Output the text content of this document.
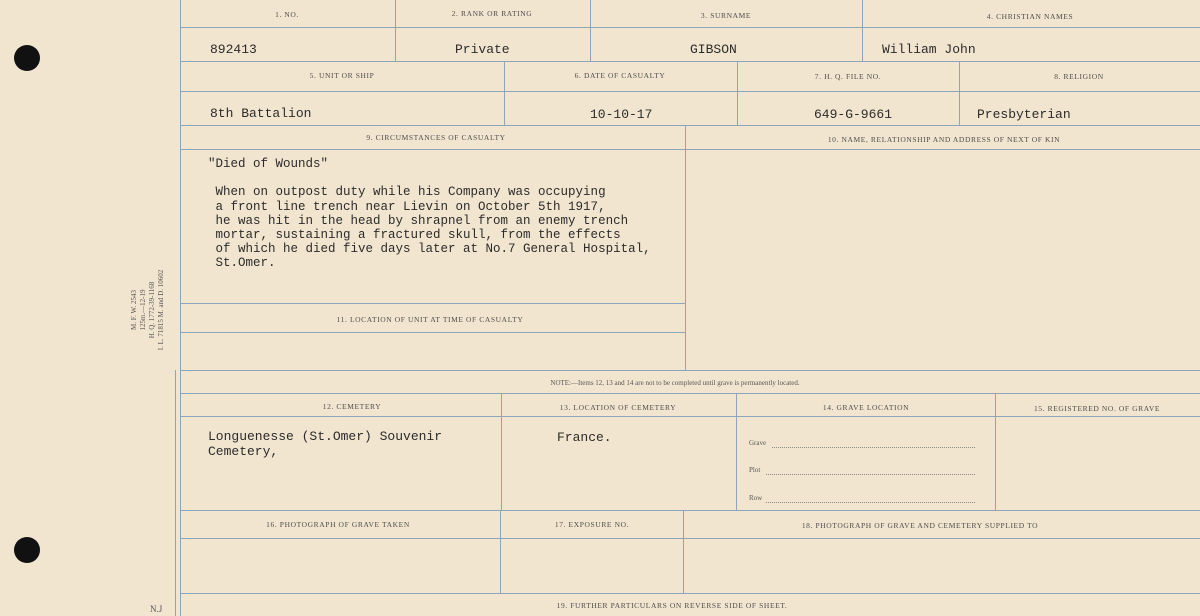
M. F. W. 2543
125m.—12-19
H. Q. 1772-39-1168
I. L. 71815 M. and D. 10602
1. NO.	2. RANK OR RATING	3. SURNAME	4. CHRISTIAN NAMES
892413	Private	GIBSON	William John
5. UNIT OR SHIP	6. DATE OF CASUALTY	7. H. Q. FILE NO.	8. RELIGION
8th Battalion	10-10-17	649-G-9661	Presbyterian
9. CIRCUMSTANCES OF CASUALTY	10. NAME, RELATIONSHIP AND ADDRESS OF NEXT OF KIN
"Died of Wounds"

When on outpost duty while his Company was occupying
a front line trench near Lievin on October 5th 1917,
he was hit in the head by shrapnel from an enemy trench
mortar, sustaining a fractured skull, from the effects
of which he died five days later at No.7 General Hospital,
St.Omer.
11. LOCATION OF UNIT AT TIME OF CASUALTY
NOTE:—Items 12, 13 and 14 are not to be completed until grave is permanently located.
12. CEMETERY	13. LOCATION OF CEMETERY	14. GRAVE LOCATION	15. REGISTERED NO. OF GRAVE
Longuenesse (St.Omer) Souvenir
Cemetery,
France.	Grave
Plot
Row
16. PHOTOGRAPH OF GRAVE TAKEN	17. EXPOSURE NO.	18. PHOTOGRAPH OF GRAVE AND CEMETERY SUPPLIED TO
19. FURTHER PARTICULARS ON REVERSE SIDE OF SHEET.
N.J
